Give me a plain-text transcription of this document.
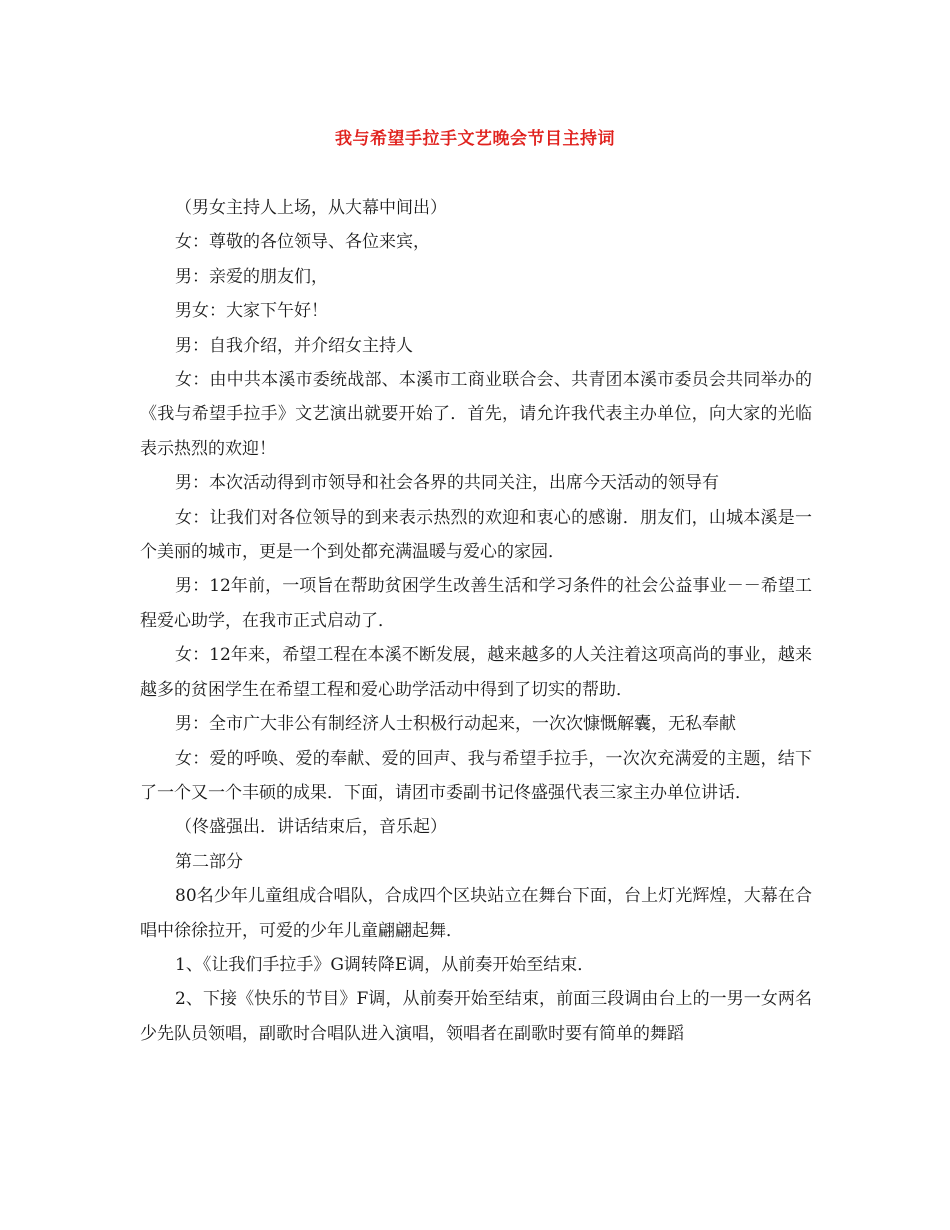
我与希望手拉手文艺晚会节目主持词

（男女主持人上场，从大幕中间出）

女：尊敬的各位领导、各位来宾，

男：亲爱的朋友们，

男女：大家下午好！

男：自我介绍，并介绍女主持人

女：由中共本溪市委统战部、本溪市工商业联合会、共青团本溪市委员会共同举办的《我与希望手拉手》文艺演出就要开始了．首先，请允许我代表主办单位，向大家的光临表示热烈的欢迎！

男：本次活动得到市领导和社会各界的共同关注，出席今天活动的领导有

女：让我们对各位领导的到来表示热烈的欢迎和衷心的感谢．朋友们，山城本溪是一个美丽的城市，更是一个到处都充满温暖与爱心的家园．

男：12年前，一项旨在帮助贫困学生改善生活和学习条件的社会公益事业－－希望工程爱心助学，在我市正式启动了．

女：12年来，希望工程在本溪不断发展，越来越多的人关注着这项高尚的事业，越来越多的贫困学生在希望工程和爱心助学活动中得到了切实的帮助．

男：全市广大非公有制经济人士积极行动起来，一次次慷慨解囊，无私奉献

女：爱的呼唤、爱的奉献、爱的回声、我与希望手拉手，一次次充满爱的主题，结下了一个又一个丰硕的成果．下面，请团市委副书记佟盛强代表三家主办单位讲话．

（佟盛强出．讲话结束后，音乐起）

第二部分

80名少年儿童组成合唱队，合成四个区块站立在舞台下面，台上灯光辉煌，大幕在合唱中徐徐拉开，可爱的少年儿童翩翩起舞．

1、《让我们手拉手》G调转降E调，从前奏开始至结束．

2、下接《快乐的节目》F调，从前奏开始至结束，前面三段调由台上的一男一女两名少先队员领唱，副歌时合唱队进入演唱，领唱者在副歌时要有简单的舞蹈
